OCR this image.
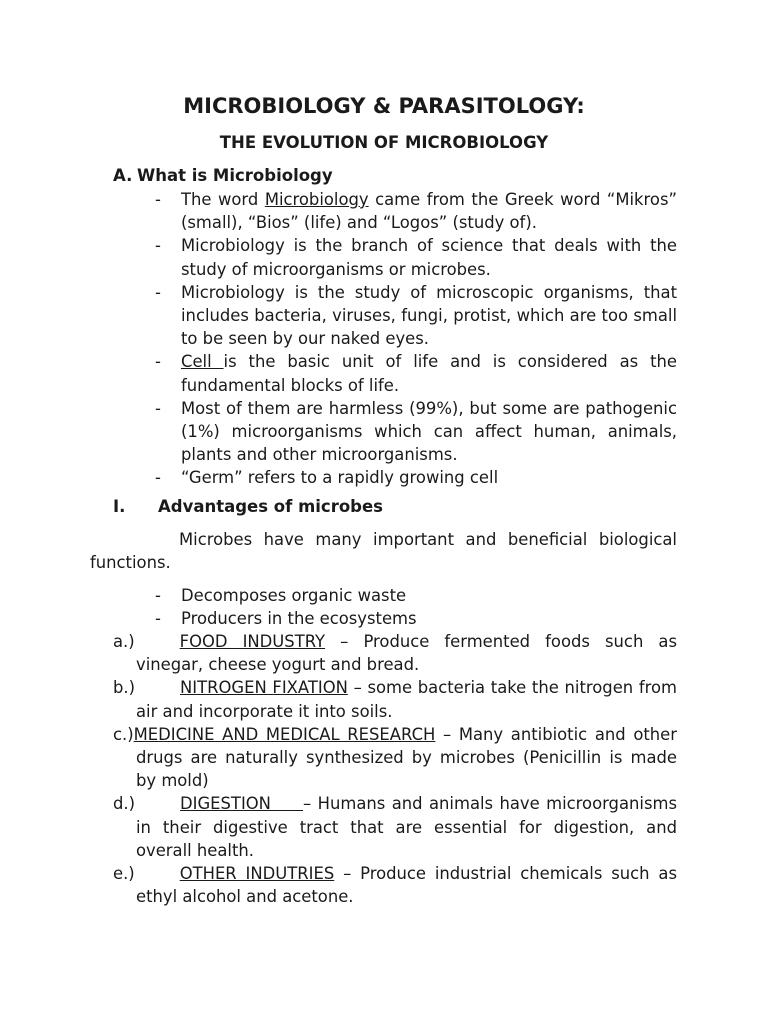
MICROBIOLOGY & PARASITOLOGY:
THE EVOLUTION OF MICROBIOLOGY
A. What is Microbiology
- The word Microbiology came from the Greek word “Mikros” (small), “Bios” (life) and “Logos” (study of).
- Microbiology is the branch of science that deals with the study of microorganisms or microbes.
- Microbiology is the study of microscopic organisms, that includes bacteria, viruses, fungi, protist, which are too small to be seen by our naked eyes.
- Cell is the basic unit of life and is considered as the fundamental blocks of life.
- Most of them are harmless (99%), but some are pathogenic (1%) microorganisms which can affect human, animals, plants and other microorganisms.
- “Germ” refers to a rapidly growing cell
I. Advantages of microbes
Microbes have many important and beneficial biological functions.
- Decomposes organic waste
- Producers in the ecosystems
a.)	FOOD INDUSTRY – Produce fermented foods such as vinegar, cheese yogurt and bread.
b.)	NITROGEN FIXATION – some bacteria take the nitrogen from air and incorporate it into soils.
c.)MEDICINE AND MEDICAL RESEARCH – Many antibiotic and other drugs are naturally synthesized by microbes (Penicillin is made by mold)
d.)	DIGESTION     – Humans and animals have microorganisms in their digestive tract that are essential for digestion, and overall health.
e.)	OTHER INDUTRIES – Produce industrial chemicals such as ethyl alcohol and acetone.
